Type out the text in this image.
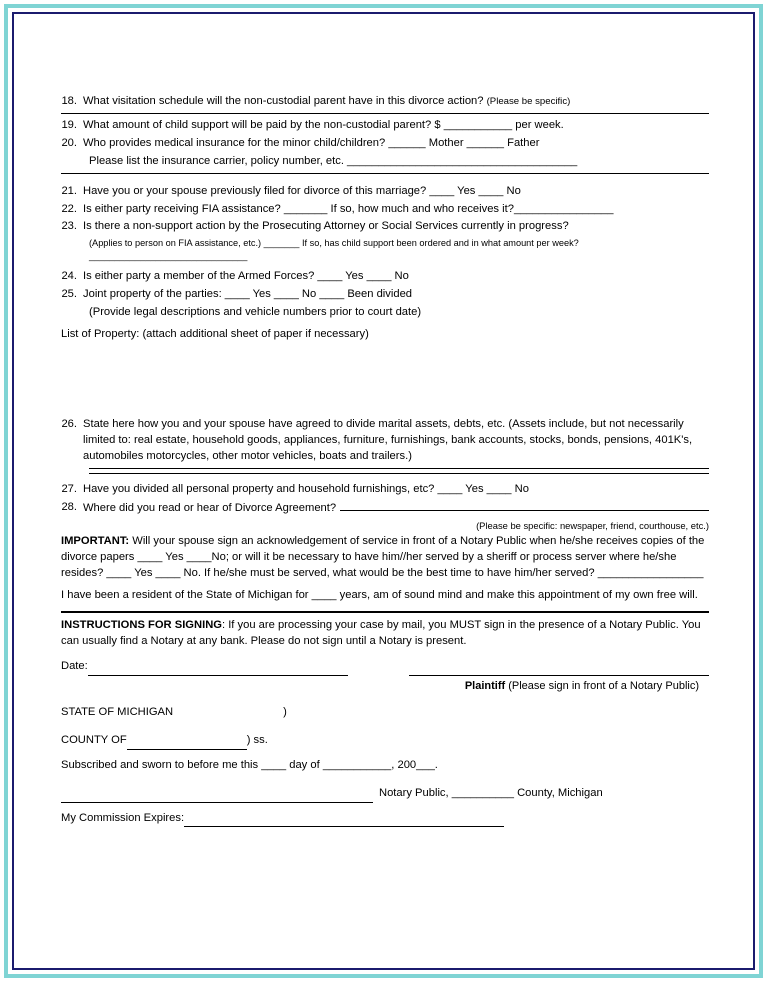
18. What visitation schedule will the non-custodial parent have in this divorce action? (Please be specific)
19. What amount of child support will be paid by the non-custodial parent? $ ___________ per week.
20. Who provides medical insurance for the minor child/children? ______ Mother ______ Father
Please list the insurance carrier, policy number, etc. _____________________________________
21. Have you or your spouse previously filed for divorce of this marriage? ____ Yes ____ No
22. Is either party receiving FIA assistance? _______ If so, how much and who receives it?________________
23. Is there a non-support action by the Prosecuting Attorney or Social Services currently in progress?
(Applies to person on FIA assistance, etc.) _______ If so, has child support been ordered and in what amount per week? _______________________________
24. Is either party a member of the Armed Forces? ____ Yes ____ No
25. Joint property of the parties: ____ Yes ____ No ____ Been divided
(Provide legal descriptions and vehicle numbers prior to court date)
List of Property: (attach additional sheet of paper if necessary)
26. State here how you and your spouse have agreed to divide marital assets, debts, etc. (Assets include, but not necessarily limited to: real estate, household goods, appliances, furniture, furnishings, bank accounts, stocks, bonds, pensions, 401K's, automobiles motorcycles, other motor vehicles, boats and trailers.)
27. Have you divided all personal property and household furnishings, etc? ____ Yes ____ No
28. Where did you read or hear of Divorce Agreement?
(Please be specific: newspaper, friend, courthouse, etc.)
IMPORTANT: Will your spouse sign an acknowledgement of service in front of a Notary Public when he/she receives copies of the divorce papers ____ Yes ____No; or will it be necessary to have him//her served by a sheriff or process server where he/she resides? ____ Yes ____ No. If he/she must be served, what would be the best time to have him/her served? _________________
I have been a resident of the State of Michigan for ____ years, am of sound mind and make this appointment of my own free will.
INSTRUCTIONS FOR SIGNING: If you are processing your case by mail, you MUST sign in the presence of a Notary Public. You can usually find a Notary at any bank. Please do not sign until a Notary is present.
Date:

Plaintiff
(Please sign in front of a Notary Public)
STATE OF MICHIGAN	)
COUNTY OF
	) ss.
Subscribed and sworn to before me this ____ day of ___________, 200___.

Notary Public, __________ County, Michigan
My Commission Expires:
